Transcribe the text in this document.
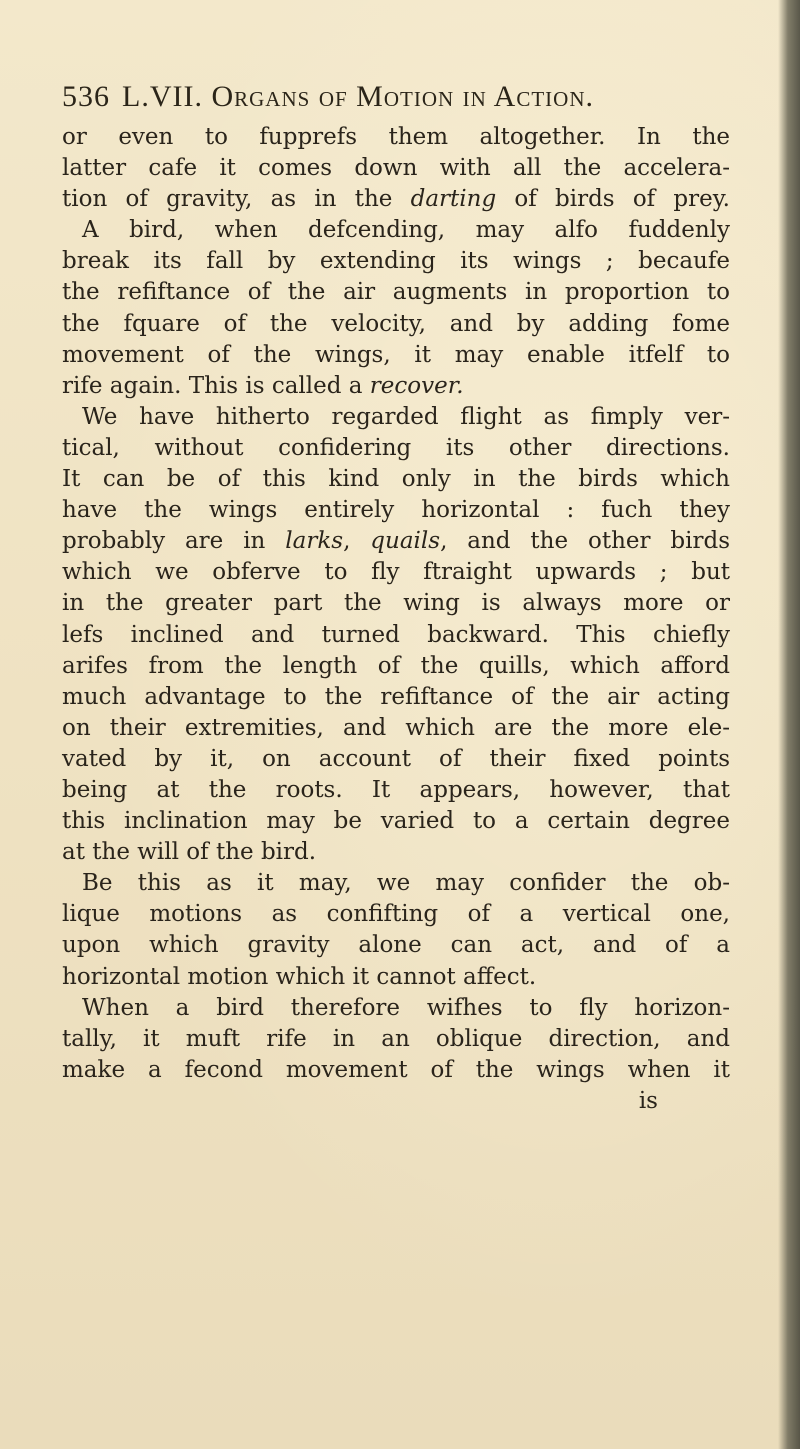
536 L.VII. Organs of Motion in Action.
or even to fupprefs them altogether. In the
latter cafe it comes down with all the accelera-
tion of gravity, as in the darting of birds of prey.
A bird, when defcending, may alfo fuddenly
break its fall by extending its wings ; becaufe
the refiftance of the air augments in proportion to
the fquare of the velocity, and by adding fome
movement of the wings, it may enable itfelf to
rife again. This is called a recover.
We have hitherto regarded flight as fimply ver-
tical, without confidering its other directions.
It can be of this kind only in the birds which
have the wings entirely horizontal : fuch they
probably are in larks, quails, and the other birds
which we obferve to fly ftraight upwards ; but
in the greater part the wing is always more or
lefs inclined and turned backward. This chiefly
arifes from the length of the quills, which afford
much advantage to the refiftance of the air acting
on their extremities, and which are the more ele-
vated by it, on account of their fixed points
being at the roots. It appears, however, that
this inclination may be varied to a certain degree
at the will of the bird.
Be this as it may, we may confider the ob-
lique motions as confifting of a vertical one,
upon which gravity alone can act, and of a
horizontal motion which it cannot affect.
When a bird therefore wifhes to fly horizon-
tally, it muft rife in an oblique direction, and
make a fecond movement of the wings when it
is
